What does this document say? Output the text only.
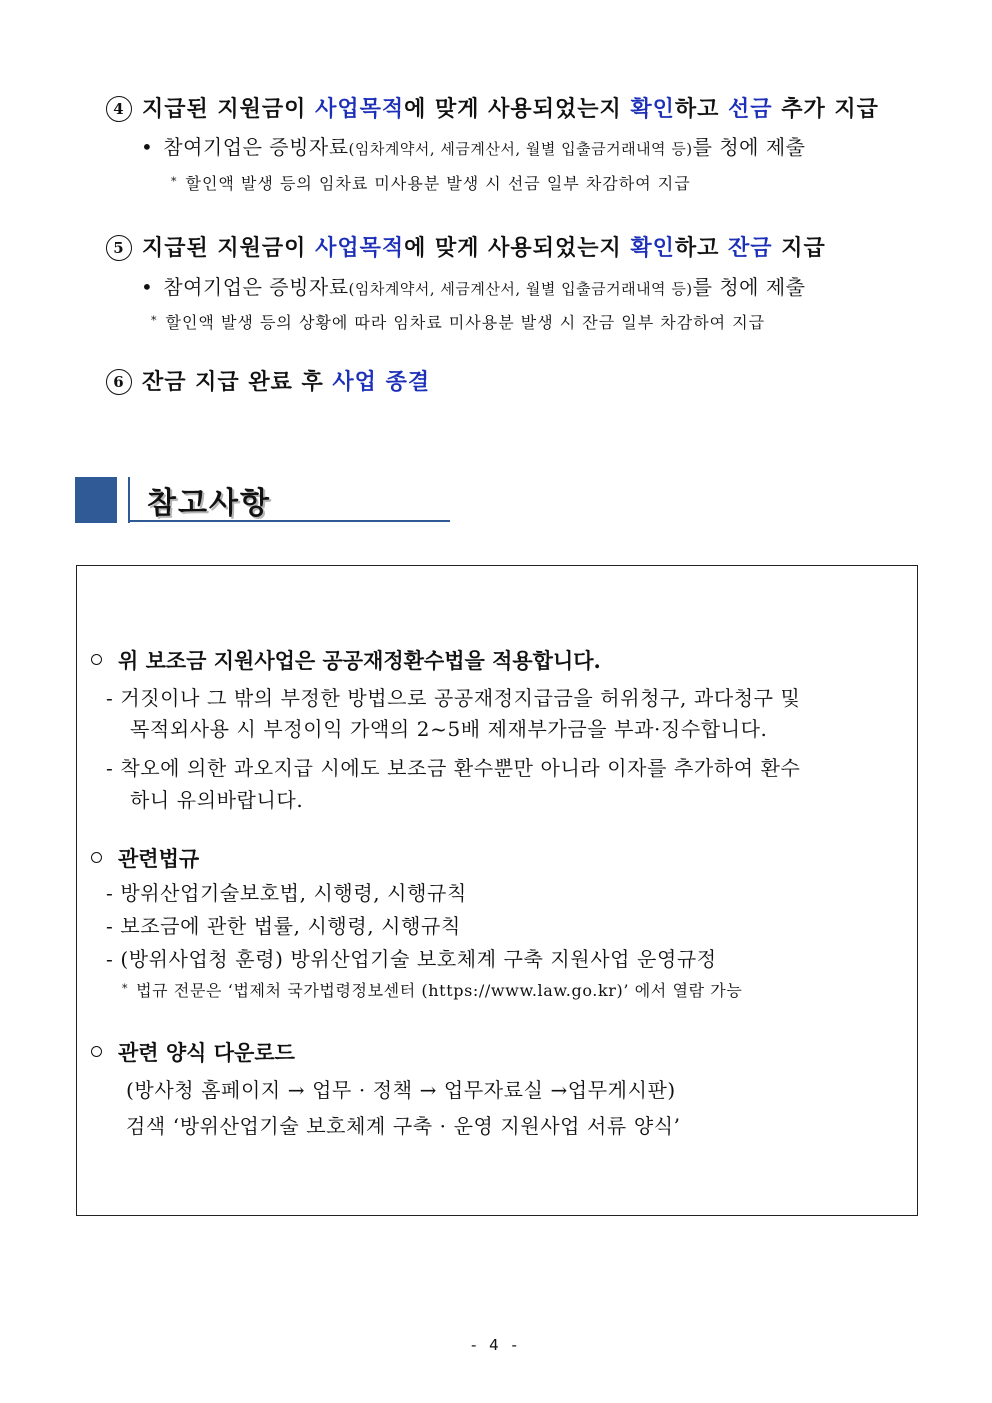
4 지급된 지원금이 사업목적에 맞게 사용되었는지 확인하고 선금 추가 지급
• 참여기업은 증빙자료(임차계약서, 세금계산서, 월별 입출금거래내역 등)를 청에 제출
* 할인액 발생 등의 임차료 미사용분 발생 시 선금 일부 차감하여 지급
5 지급된 지원금이 사업목적에 맞게 사용되었는지 확인하고 잔금 지급
• 참여기업은 증빙자료(임차계약서, 세금계산서, 월별 입출금거래내역 등)를 청에 제출
* 할인액 발생 등의 상황에 따라 임차료 미사용분 발생 시 잔금 일부 차감하여 지급
6 잔금 지급 완료 후 사업 종결
참고사항
위 보조금 지원사업은 공공재정환수법을 적용합니다.
- 거짓이나 그 밖의 부정한 방법으로 공공재정지급금을 허위청구, 과다청구 및
목적외사용 시 부정이익 가액의 2~5배 제재부가금을 부과·징수합니다.
- 착오에 의한 과오지급 시에도 보조금 환수뿐만 아니라 이자를 추가하여 환수
하니 유의바랍니다.
관련법규
- 방위산업기술보호법, 시행령, 시행규칙
- 보조금에 관한 법률, 시행령, 시행규칙
- (방위사업청 훈령) 방위산업기술 보호체계 구축 지원사업 운영규정
* 법규 전문은 ‘법제처 국가법령정보센터 (https://www.law.go.kr)’ 에서 열람 가능
관련 양식 다운로드
(방사청 홈페이지 → 업무 · 정책 → 업무자료실 →업무게시판)
검색 ‘방위산업기술 보호체계 구축 · 운영 지원사업 서류 양식’
- 4 -
